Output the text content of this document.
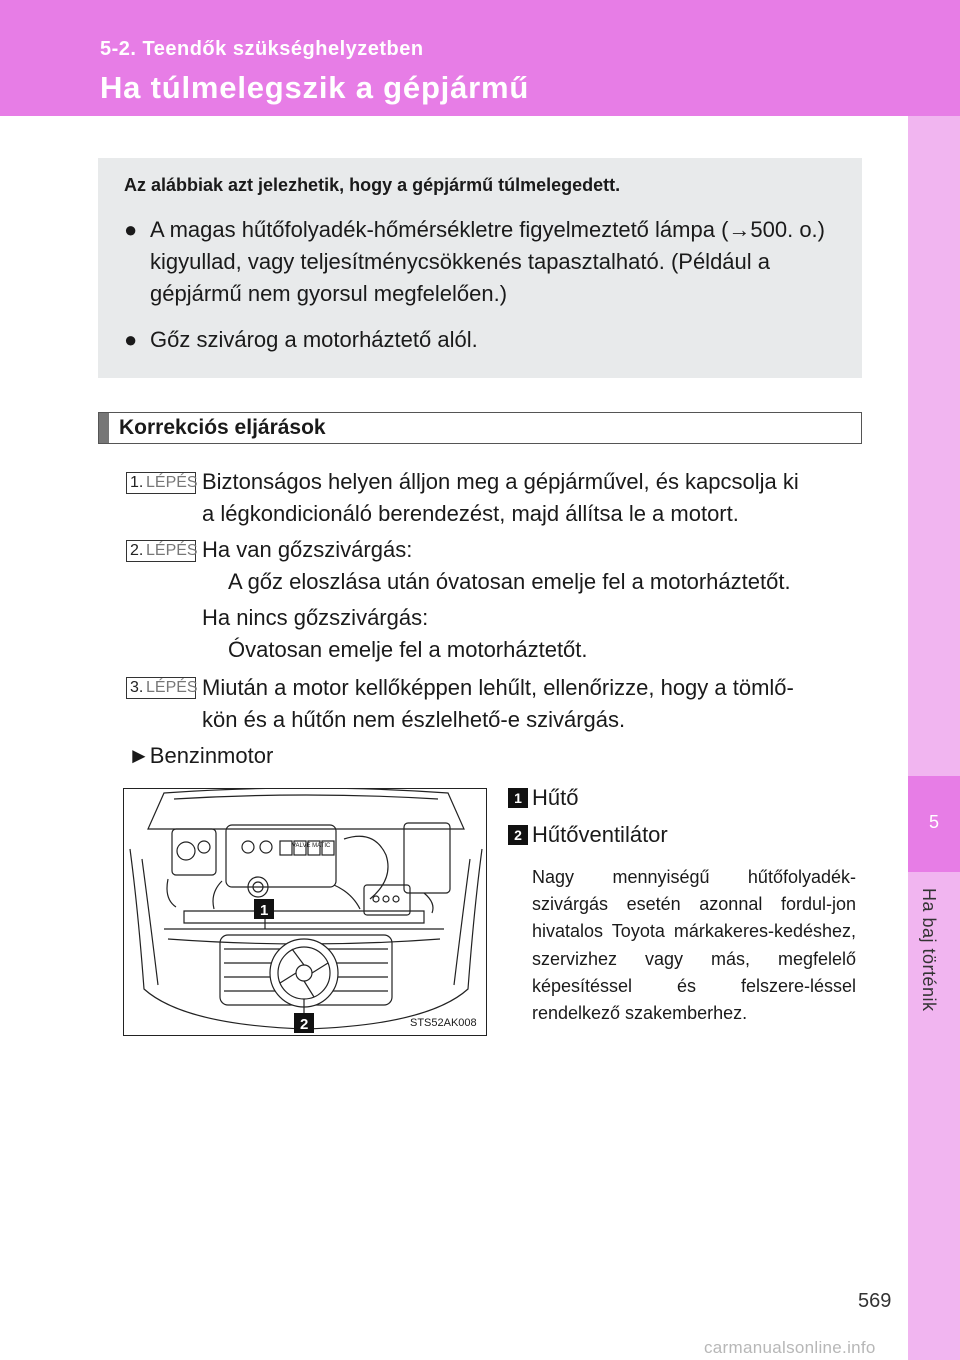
5-2. Teendők szükséghelyzetben
Ha túlmelegszik a gépjármű
5
Ha baj történik
Az alábbiak azt jelezhetik, hogy a gépjármű túlmelegedett.
● A magas hűtőfolyadék-hőmérsékletre figyelmeztető lámpa (→500. o.) kigyullad, vagy teljesítménycsökkenés tapasztalható. (Például a gépjármű nem gyorsul megfelelően.)
● Gőz szivárog a motorháztető alól.
Korrekciós eljárások
1. LÉPÉS Biztonságos helyen álljon meg a gépjárművel, és kapcsolja ki
a légkondicionáló berendezést, majd állítsa le a motort.
2. LÉPÉS Ha van gőzszivárgás:
A gőz eloszlása után óvatosan emelje fel a motorháztetőt.
Ha nincs gőzszivárgás:
Óvatosan emelje fel a motorháztetőt.
3. LÉPÉS Miután a motor kellőképpen lehűlt, ellenőrizze, hogy a tömlő-
kön és a hűtőn nem észlelhető-e szivárgás.
►Benzinmotor
VALVE MATIC
1
2	STS52AK008
1 Hűtő
2 Hűtőventilátor
Nagy mennyiségű hűtőfolyadék-szivárgás esetén azonnal fordul-jon hivatalos Toyota márkakeres-kedéshez, szervizhez vagy más, megfelelő képesítéssel és felszere-léssel rendelkező szakemberhez.
569
carmanualsonline.info
